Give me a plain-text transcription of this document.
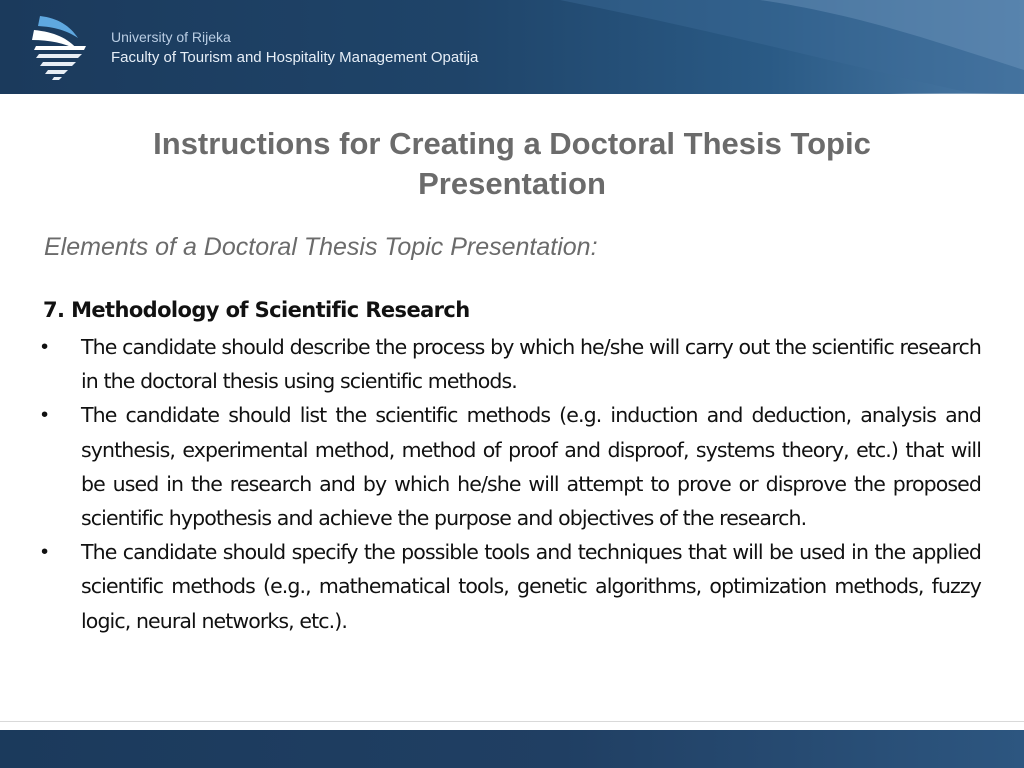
University of Rijeka
Faculty of Tourism and Hospitality Management Opatija
Instructions for Creating a Doctoral Thesis Topic Presentation
Elements of a Doctoral Thesis Topic Presentation:
7. Methodology of Scientific Research
• The candidate should describe the process by which he/she will carry out the scientific research in the doctoral thesis using scientific methods.
• The candidate should list the scientific methods (e.g. induction and deduction, analysis and synthesis, experimental method, method of proof and disproof, systems theory, etc.) that will be used in the research and by which he/she will attempt to prove or disprove the proposed scientific hypothesis and achieve the purpose and objectives of the research.
• The candidate should specify the possible tools and techniques that will be used in the applied scientific methods (e.g., mathematical tools, genetic algorithms, optimization methods, fuzzy logic, neural networks, etc.).
